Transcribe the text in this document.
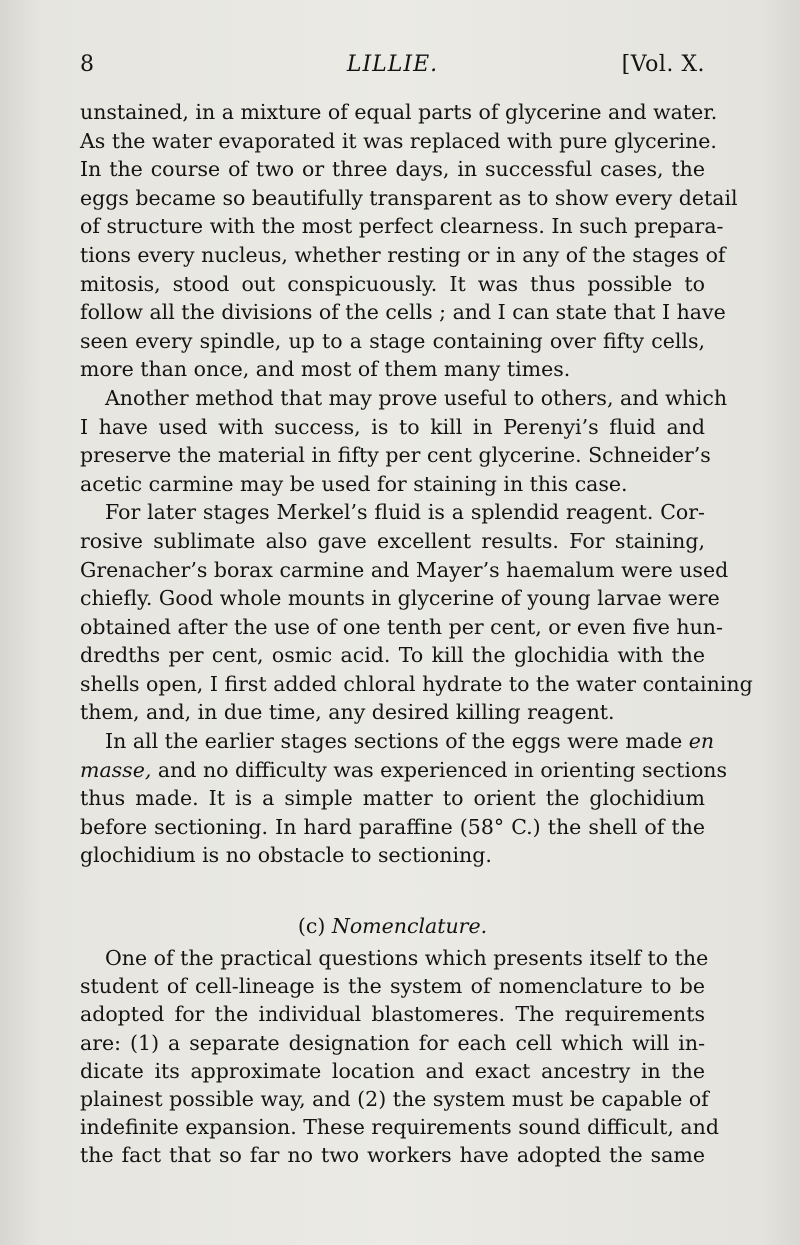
8	LILLIE.	[Vol. X.
unstained, in a mixture of equal parts of glycerine and water.
As the water evaporated it was replaced with pure glycerine.
In the course of two or three days, in successful cases, the
eggs became so beautifully transparent as to show every detail
of structure with the most perfect clearness. In such prepara-
tions every nucleus, whether resting or in any of the stages of
mitosis, stood out conspicuously. It was thus possible to
follow all the divisions of the cells ; and I can state that I have
seen every spindle, up to a stage containing over fifty cells,
more than once, and most of them many times.
Another method that may prove useful to others, and which
I have used with success, is to kill in Perenyi’s fluid and
preserve the material in fifty per cent glycerine. Schneider’s
acetic carmine may be used for staining in this case.
For later stages Merkel’s fluid is a splendid reagent. Cor-
rosive sublimate also gave excellent results. For staining,
Grenacher’s borax carmine and Mayer’s haemalum were used
chiefly. Good whole mounts in glycerine of young larvae were
obtained after the use of one tenth per cent, or even five hun-
dredths per cent, osmic acid. To kill the glochidia with the
shells open, I first added chloral hydrate to the water containing
them, and, in due time, any desired killing reagent.
In all the earlier stages sections of the eggs were made en
masse, and no difficulty was experienced in orienting sections
thus made. It is a simple matter to orient the glochidium
before sectioning. In hard paraffine (58° C.) the shell of the
glochidium is no obstacle to sectioning.
(c) Nomenclature.
One of the practical questions which presents itself to the
student of cell-lineage is the system of nomenclature to be
adopted for the individual blastomeres. The requirements
are: (1) a separate designation for each cell which will in-
dicate its approximate location and exact ancestry in the
plainest possible way, and (2) the system must be capable of
indefinite expansion. These requirements sound difficult, and
the fact that so far no two workers have adopted the same
